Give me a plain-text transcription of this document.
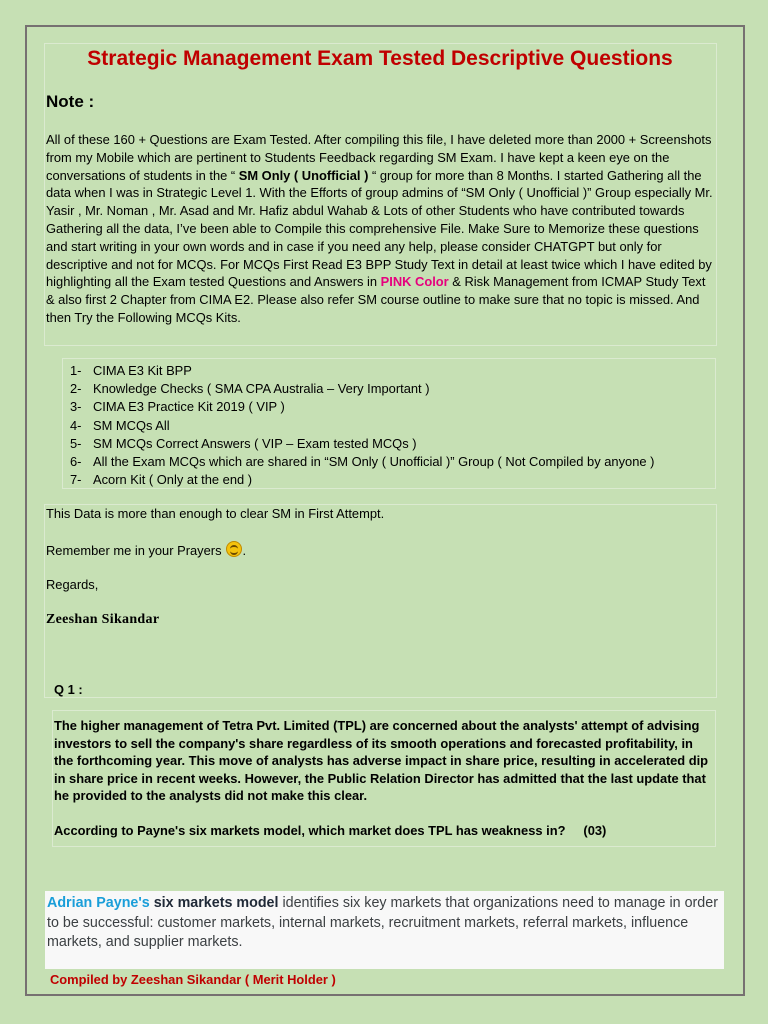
Strategic Management Exam Tested Descriptive Questions
Note :
All of these 160 + Questions are Exam Tested. After compiling this file, I have deleted more than 2000 + Screenshots from my Mobile which are pertinent to Students Feedback regarding SM Exam. I have kept a keen eye on the conversations of students in the “ SM Only ( Unofficial ) “ group for more than 8 Months. I started Gathering all the data when I was in Strategic Level 1. With the Efforts of group admins of “SM Only ( Unofficial )” Group especially Mr. Yasir , Mr. Noman , Mr. Asad and Mr. Hafiz abdul Wahab & Lots of other Students who have contributed towards Gathering all the data, I’ve been able to Compile this comprehensive File. Make Sure to Memorize these questions and start writing in your own words and in case if you need any help, please consider CHATGPT but only for descriptive and not for MCQs. For MCQs First Read E3 BPP Study Text in detail at least twice which I have edited by highlighting all the Exam tested Questions and Answers in PINK Color & Risk Management from ICMAP Study Text & also first 2 Chapter from CIMA E2. Please also refer SM course outline to make sure that no topic is missed. And then Try the Following MCQs Kits.
1- CIMA E3 Kit BPP
2- Knowledge Checks ( SMA CPA Australia – Very Important )
3- CIMA E3 Practice Kit 2019 ( VIP )
4- SM MCQs All
5- SM MCQs Correct Answers ( VIP – Exam tested MCQs )
6- All the Exam MCQs which are shared in “SM Only ( Unofficial )” Group ( Not Compiled by anyone )
7- Acorn Kit ( Only at the end )
This Data is more than enough to clear SM in First Attempt.
Remember me in your Prayers .
Regards,
Zeeshan Sikandar
Q 1 :
The higher management of Tetra Pvt. Limited (TPL) are concerned about the analysts' attempt of advising investors to sell the company's share regardless of its smooth operations and forecasted profitability, in the forthcoming year. This move of analysts has adverse impact in share price, resulting in accelerated dip in share price in recent weeks. However, the Public Relation Director has admitted that the last update that he provided to the analysts did not make this clear.
According to Payne's six markets model, which market does TPL has weakness in? (03)
Adrian Payne's six markets model identifies six key markets that organizations need to manage in order to be successful: customer markets, internal markets, recruitment markets, referral markets, influence markets, and supplier markets.
Compiled by Zeeshan Sikandar ( Merit Holder )
